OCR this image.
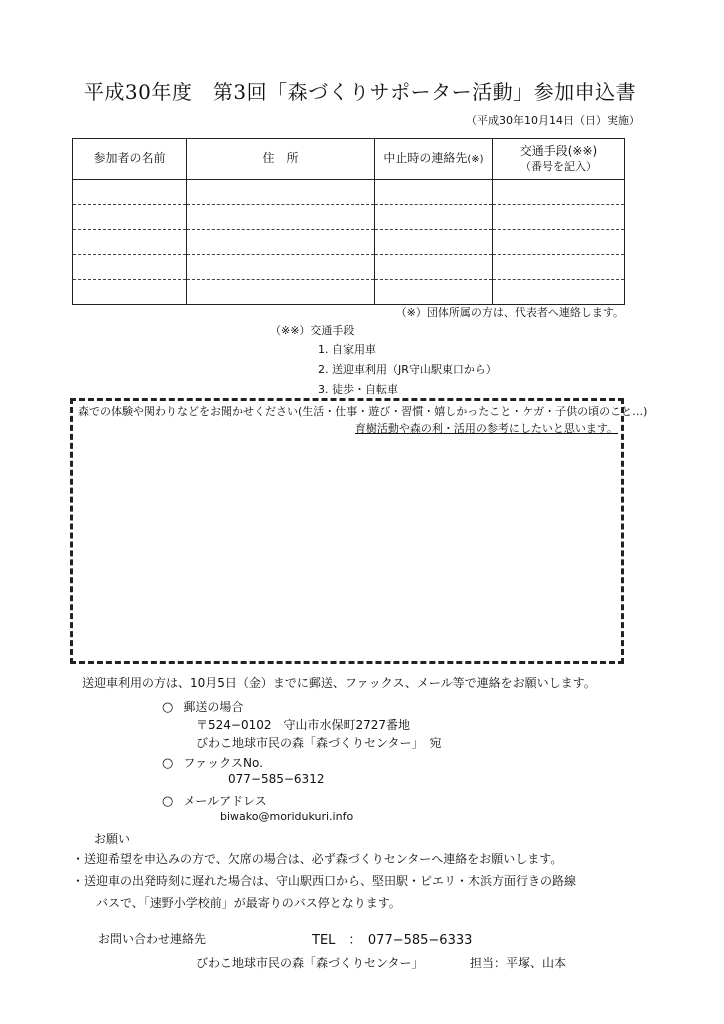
平成30年度　第3回「森づくりサポーター活動」参加申込書
（平成30年10月14日（日）実施）
参加者の名前	住　所	中止時の連絡先(※)	交通手段(※※)
（番号を記入）

（※）団体所属の方は、代表者へ連絡します。
（※※）交通手段
1. 自家用車
2. 送迎車利用（JR守山駅東口から）
3. 徒歩・自転車
森での体験や関わりなどをお聞かせください(生活・仕事・遊び・習慣・嬉しかったこと・ケガ・子供の頃のこと…)
育樹活動や森の利・活用の参考にしたいと思います。
送迎車利用の方は、10月5日（金）までに郵送、ファックス、メール等で連絡をお願いします。
○ 郵送の場合
〒524−0102　守山市水保町2727番地
びわこ地球市民の森「森づくりセンター」　宛
○ ファックスNo.
077−585−6312
○ メールアドレス
biwako@moridukuri.info
お願い
・送迎希望を申込みの方で、欠席の場合は、必ず森づくりセンターへ連絡をお願いします。
・送迎車の出発時刻に遅れた場合は、守山駅西口から、堅田駅・ピエリ・木浜方面行きの路線
バスで、「速野小学校前」が最寄りのバス停となります。
お問い合わせ連絡先	TEL　：　077−585−6333
びわこ地球市民の森「森づくりセンター」	担当：平塚、山本
